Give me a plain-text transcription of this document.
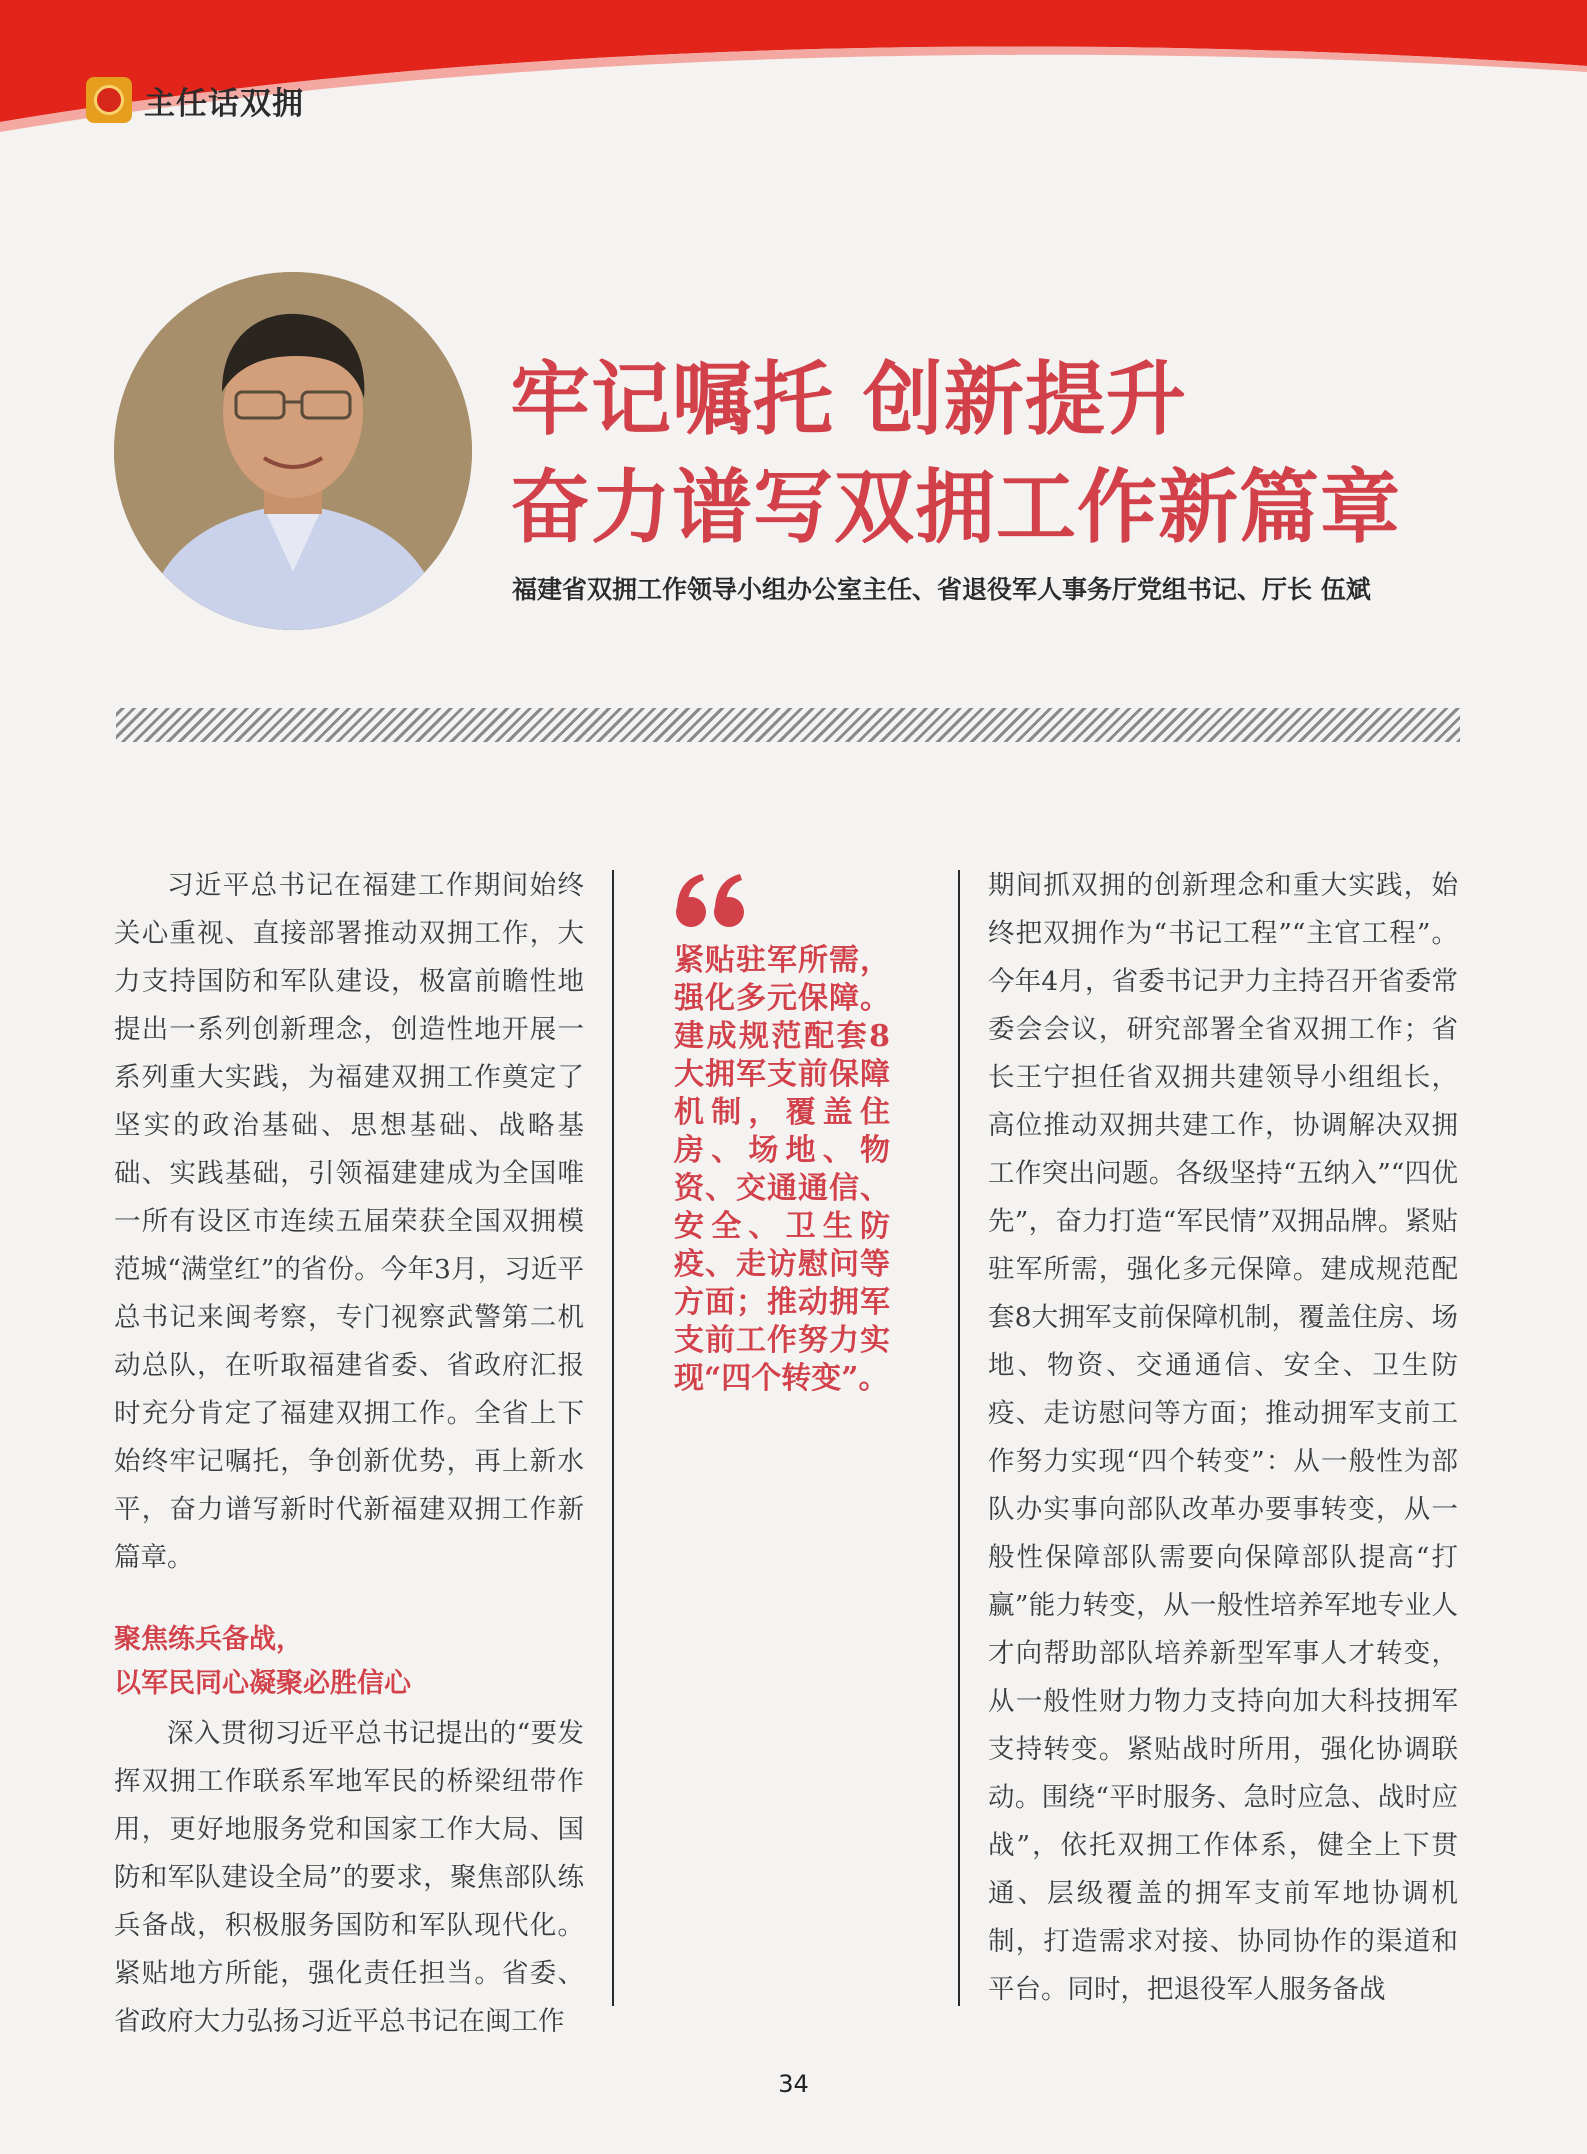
主任话双拥
牢记嘱托 创新提升
奋力谱写双拥工作新篇章
福建省双拥工作领导小组办公室主任、省退役军人事务厅党组书记、厅长 伍斌

习近平总书记在福建工作期间始终关心重视、直接部署推动双拥工作，大力支持国防和军队建设，极富前瞻性地提出一系列创新理念，创造性地开展一系列重大实践，为福建双拥工作奠定了坚实的政治基础、思想基础、战略基础、实践基础，引领福建建成为全国唯一所有设区市连续五届荣获全国双拥模范城“满堂红”的省份。今年3月，习近平总书记来闽考察，专门视察武警第二机动总队，在听取福建省委、省政府汇报时充分肯定了福建双拥工作。全省上下始终牢记嘱托，争创新优势，再上新水平，奋力谱写新时代新福建双拥工作新篇章。

聚焦练兵备战，
以军民同心凝聚必胜信心

深入贯彻习近平总书记提出的“要发挥双拥工作联系军地军民的桥梁纽带作用，更好地服务党和国家工作大局、国防和军队建设全局”的要求，聚焦部队练兵备战，积极服务国防和军队现代化。紧贴地方所能，强化责任担当。省委、省政府大力弘扬习近平总书记在闽工作

紧贴驻军所需，强化多元保障。建成规范配套8大拥军支前保障机制，覆盖住房、场地、物资、交通通信、安全、卫生防疫、走访慰问等方面；推动拥军支前工作努力实现“四个转变”。

期间抓双拥的创新理念和重大实践，始终把双拥作为“书记工程”“主官工程”。今年4月，省委书记尹力主持召开省委常委会会议，研究部署全省双拥工作；省长王宁担任省双拥共建领导小组组长，高位推动双拥共建工作，协调解决双拥工作突出问题。各级坚持“五纳入”“四优先”，奋力打造“军民情”双拥品牌。紧贴驻军所需，强化多元保障。建成规范配套8大拥军支前保障机制，覆盖住房、场地、物资、交通通信、安全、卫生防疫、走访慰问等方面；推动拥军支前工作努力实现“四个转变”：从一般性为部队办实事向部队改革办要事转变，从一般性保障部队需要向保障部队提高“打赢”能力转变，从一般性培养军地专业人才向帮助部队培养新型军事人才转变，从一般性财力物力支持向加大科技拥军支持转变。紧贴战时所用，强化协调联动。围绕“平时服务、急时应急、战时应战”，依托双拥工作体系，健全上下贯通、层级覆盖的拥军支前军地协调机制，打造需求对接、协同协作的渠道和平台。同时，把退役军人服务备战

34
